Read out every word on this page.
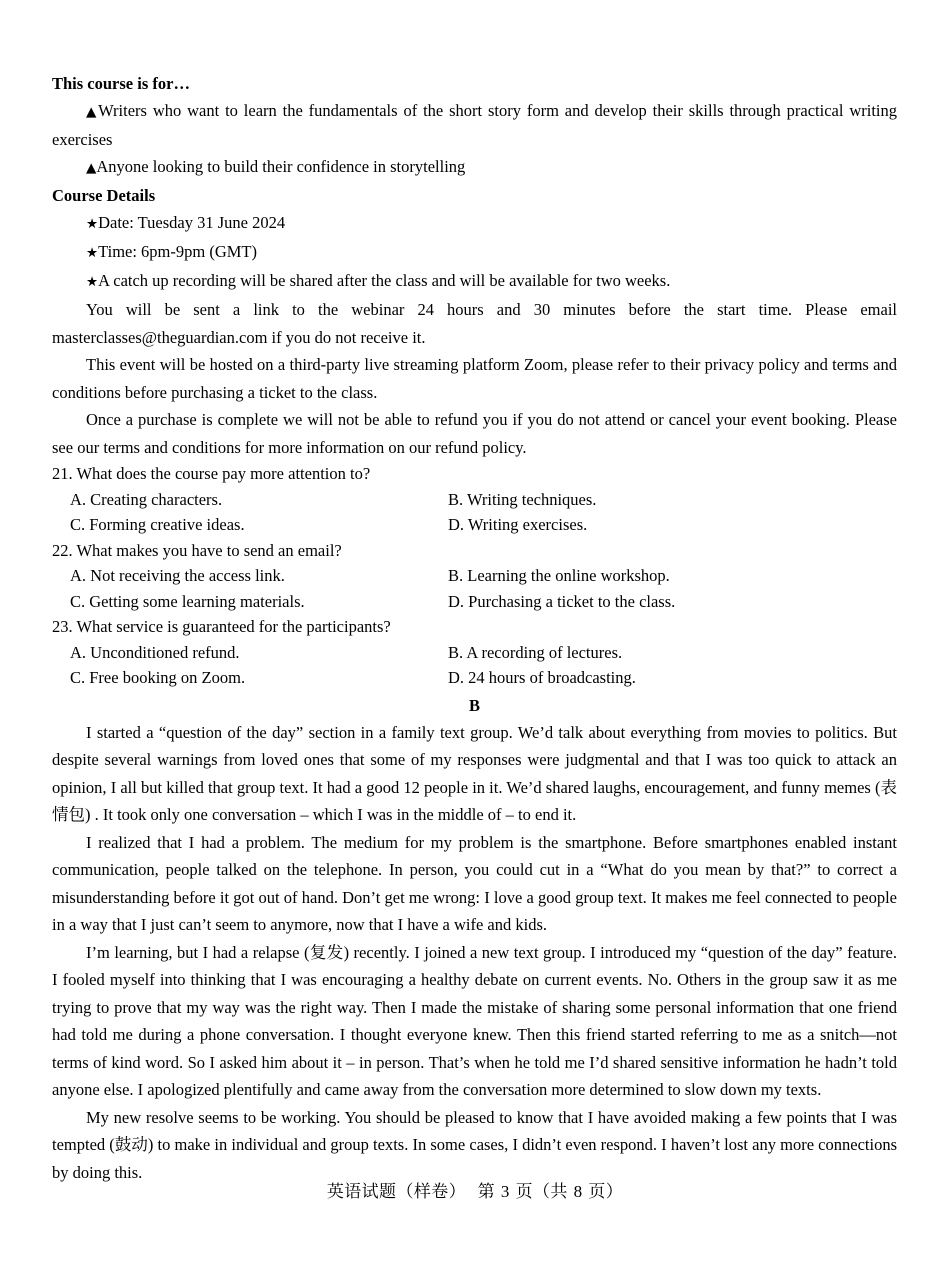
This course is for…

▲Writers who want to learn the fundamentals of the short story form and develop their skills through practical writing exercises

▲Anyone looking to build their confidence in storytelling

Course Details

★Date: Tuesday 31 June 2024

★Time: 6pm-9pm (GMT)

★A catch up recording will be shared after the class and will be available for two weeks.

You will be sent a link to the webinar 24 hours and 30 minutes before the start time. Please email masterclasses@theguardian.com if you do not receive it.

This event will be hosted on a third-party live streaming platform Zoom, please refer to their privacy policy and terms and conditions before purchasing a ticket to the class.

Once a purchase is complete we will not be able to refund you if you do not attend or cancel your event booking. Please see our terms and conditions for more information on our refund policy.

21. What does the course pay more attention to?

A. Creating characters.	B. Writing techniques.
C. Forming creative ideas.	D. Writing exercises.

22. What makes you have to send an email?

A. Not receiving the access link.	B. Learning the online workshop.
C. Getting some learning materials.	D. Purchasing a ticket to the class.

23. What service is guaranteed for the participants?

A. Unconditioned refund.	B. A recording of lectures.
C. Free booking on Zoom.	D. 24 hours of broadcasting.

B

I started a “question of the day” section in a family text group. We’d talk about everything from movies to politics. But despite several warnings from loved ones that some of my responses were judgmental and that I was too quick to attack an opinion, I all but killed that group text. It had a good 12 people in it. We’d shared laughs, encouragement, and funny memes (表情包) . It took only one conversation – which I was in the middle of – to end it.

I realized that I had a problem. The medium for my problem is the smartphone. Before smartphones enabled instant communication, people talked on the telephone. In person, you could cut in a “What do you mean by that?” to correct a misunderstanding before it got out of hand. Don’t get me wrong: I love a good group text. It makes me feel connected to people in a way that I just can’t seem to anymore, now that I have a wife and kids.

I’m learning, but I had a relapse (复发) recently. I joined a new text group. I introduced my “question of the day” feature. I fooled myself into thinking that I was encouraging a healthy debate on current events. No. Others in the group saw it as me trying to prove that my way was the right way. Then I made the mistake of sharing some personal information that one friend had told me during a phone conversation. I thought everyone knew. Then this friend started referring to me as a snitch—not terms of kind word. So I asked him about it – in person. That’s when he told me I’d shared sensitive information he hadn’t told anyone else. I apologized plentifully and came away from the conversation more determined to slow down my texts.

My new resolve seems to be working. You should be pleased to know that I have avoided making a few points that I was tempted (鼓动) to make in individual and group texts. In some cases, I didn’t even respond. I haven’t lost any more connections by doing this.

英语试题（样卷） 第 3 页（共 8 页）
